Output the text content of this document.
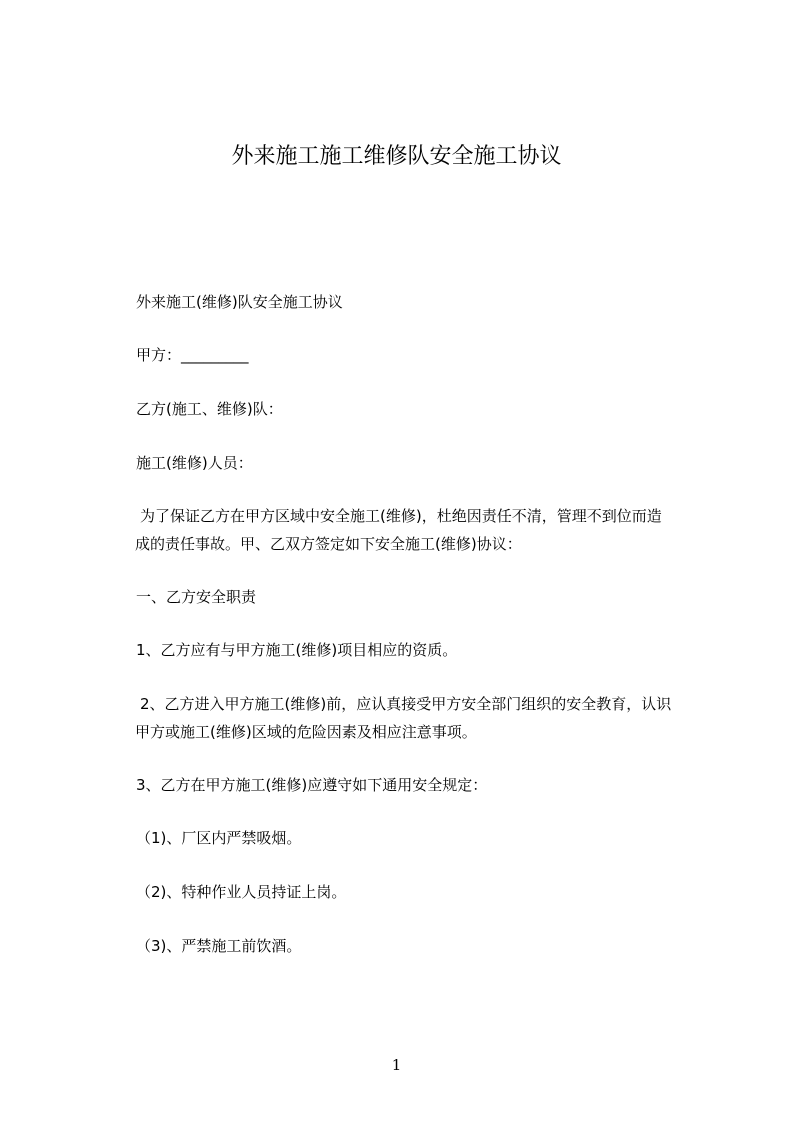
外来施工施工维修队安全施工协议
外来施工(维修)队安全施工协议
甲方：_________
乙方(施工、维修)队：
施工(维修)人员：
为了保证乙方在甲方区域中安全施工(维修)，杜绝因责任不清，管理不到位而造
成的责任事故。甲、乙双方签定如下安全施工(维修)协议：
一、乙方安全职责
1、乙方应有与甲方施工(维修)项目相应的资质。
2、乙方进入甲方施工(维修)前，应认真接受甲方安全部门组织的安全教育，认识
甲方或施工(维修)区域的危险因素及相应注意事项。
3、乙方在甲方施工(维修)应遵守如下通用安全规定：
（1)、厂区内严禁吸烟。
（2)、特种作业人员持证上岗。
（3)、严禁施工前饮酒。
1
